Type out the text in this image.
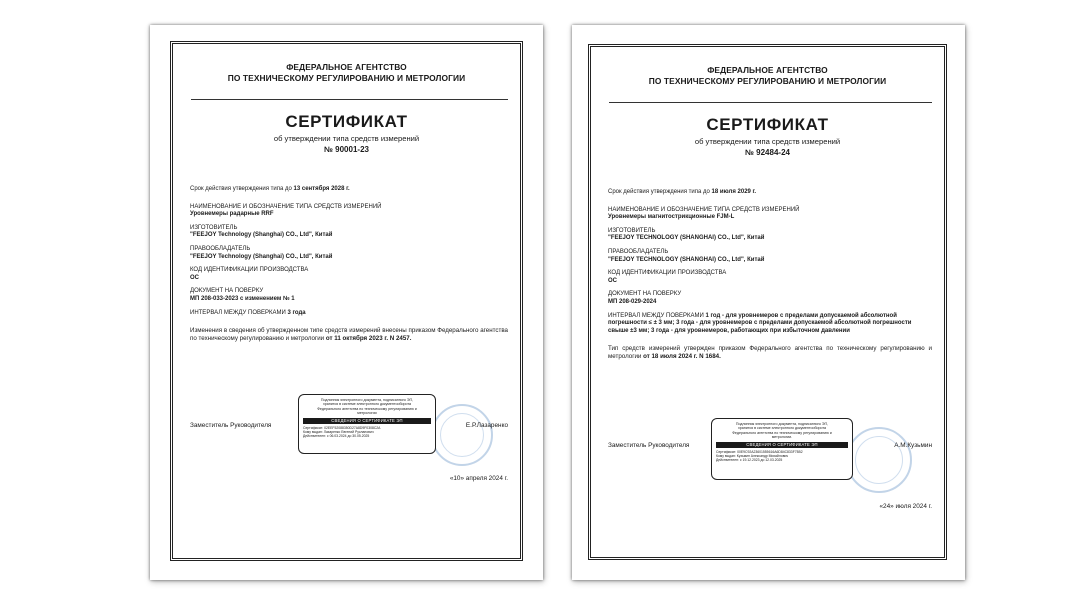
ФЕДЕРАЛЬНОЕ АГЕНТСТВО
ПО ТЕХНИЧЕСКОМУ РЕГУЛИРОВАНИЮ И МЕТРОЛОГИИ
СЕРТИФИКАТ
об утверждении типа средств измерений
№ 90001-23
Срок действия утверждения типа до 13 сентября 2028 г.
НАИМЕНОВАНИЕ И ОБОЗНАЧЕНИЕ ТИПА СРЕДСТВ ИЗМЕРЕНИЙ
Уровнемеры радарные RRF
ИЗГОТОВИТЕЛЬ
"FEEJOY Technology (Shanghai) CO., Ltd", Китай
ПРАВООБЛАДАТЕЛЬ
"FEEJOY Technology (Shanghai) CO., Ltd", Китай
КОД ИДЕНТИФИКАЦИИ ПРОИЗВОДСТВА
ОС
ДОКУМЕНТ НА ПОВЕРКУ
МП 208-033-2023 с изменением № 1
ИНТЕРВАЛ МЕЖДУ ПОВЕРКАМИ 3 года
Изменения в сведения об утвержденном типе средств измерений внесены приказом Федерального агентства по техническому регулированию и метрологии от 11 октября 2023 г. N 2457.
Заместитель Руководителя	Е.Р.Лазаренко
Подлинник электронного документа, подписанного ЭП,
хранится в системе электронного документооборота
Федерального агентства по техническому регулированию и
метрологии
СВЕДЕНИЯ О СЕРТИФИКАТЕ ЭП
Сертификат: 02EEF52088350D27A8D9F0308C2A
Кому выдан: Лазаренко Евгений Русланович
Действителен: с 06.03.2024 до 30.05.2025
«10» апреля 2024 г.
ФЕДЕРАЛЬНОЕ АГЕНТСТВО
ПО ТЕХНИЧЕСКОМУ РЕГУЛИРОВАНИЮ И МЕТРОЛОГИИ
СЕРТИФИКАТ
об утверждении типа средств измерений
№ 92484-24
Срок действия утверждения типа до 18 июля 2029 г.
НАИМЕНОВАНИЕ И ОБОЗНАЧЕНИЕ ТИПА СРЕДСТВ ИЗМЕРЕНИЙ
Уровнемеры магнитострикционные FJM-L
ИЗГОТОВИТЕЛЬ
"FEEJOY TECHNOLOGY (SHANGHAI) CO., Ltd", Китай
ПРАВООБЛАДАТЕЛЬ
"FEEJOY TECHNOLOGY (SHANGHAI) CO., Ltd", Китай
КОД ИДЕНТИФИКАЦИИ ПРОИЗВОДСТВА
ОС
ДОКУМЕНТ НА ПОВЕРКУ
МП 208-029-2024
ИНТЕРВАЛ МЕЖДУ ПОВЕРКАМИ 1 год - для уровнемеров с пределами допускаемой абсолютной погрешности ≤ ± 3 мм; 3 года - для уровнемеров с пределами допускаемой абсолютной погрешности свыше ±3 мм; 3 года - для уровнемеров, работающих при избыточном давлении
Тип средств измерений утвержден приказом Федерального агентства по техническому регулированию и метрологии от 18 июля 2024 г. N 1684.
Заместитель Руководителя	А.М.Кузьмин
Подлинник электронного документа, подписанного ЭП,
хранится в системе электронного документооборота
Федерального агентства по техническому регулированию и
метрологии.
СВЕДЕНИЯ О СЕРТИФИКАТЕ ЭП
Сертификат: 00E9C92A23601555616A6D84C833F7B52
Кому выдан: Кузьмин Александр Михайлович
Действителен: с 19.12.2023 до 12.03.2025
«24» июля 2024 г.
